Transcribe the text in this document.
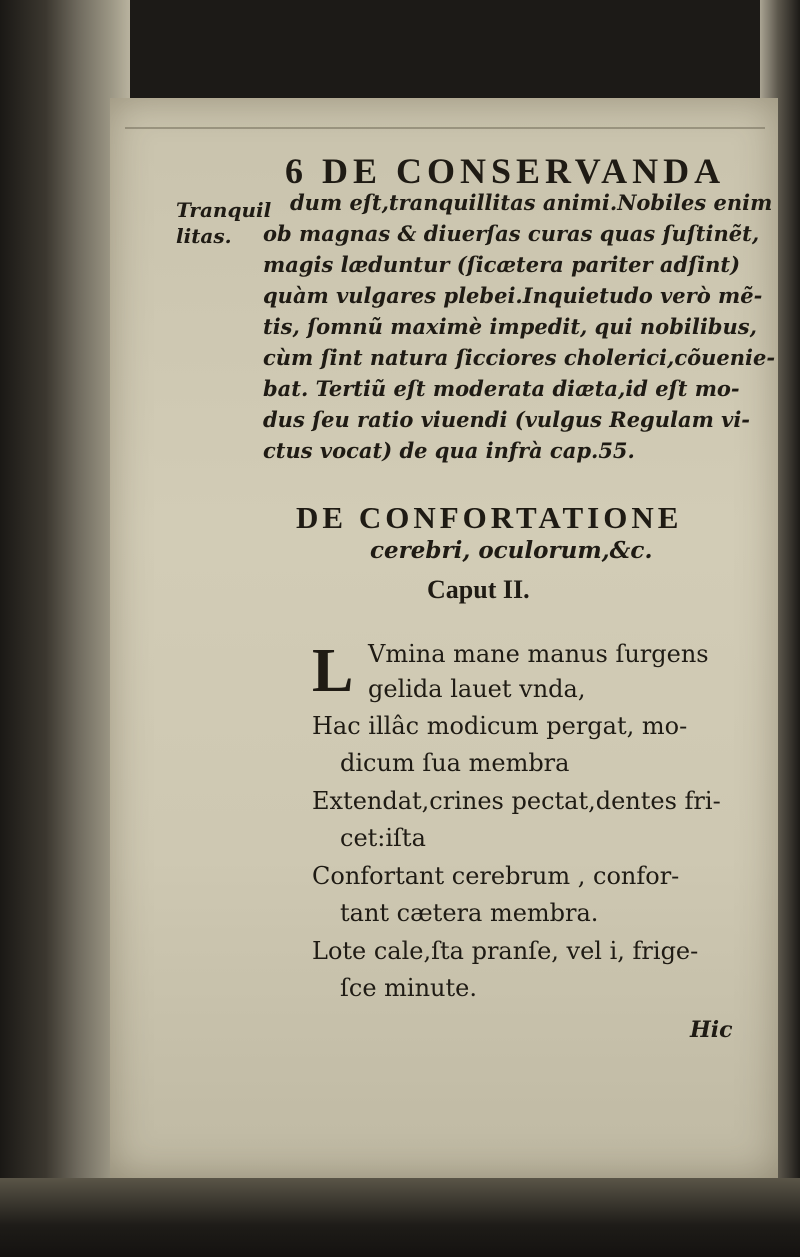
6 DE CONSERVANDA
Tranquil
litas.
dum eſt,tranquillitas animi.Nobiles enim
ob magnas & diuerſas curas quas ſuſtinẽt,
magis læduntur (ſicætera pariter adſint)
quàm vulgares plebei.Inquietudo verò mẽ-
tis, ſomnũ maximè impedit, qui nobilibus,
cùm ſint natura ſicciores cholerici,cõuenie-
bat. Tertiũ eſt moderata diæta,id eſt mo-
dus ſeu ratio viuendi (vulgus Regulam vi-
ctus vocat) de qua infrà cap.55.
DE CONFORTATIONE
cerebri, oculorum,&c.
Caput II.
L Vmina mane manus ſurgens
gelida lauet vnda,
Hac illâc modicum pergat, mo-
dicum ſua membra
Extendat,crines pectat,dentes fri-
cet:iſta
Confortant cerebrum , confor-
tant cætera membra.
Lote cale,ſta pranſe, vel i, frige-
ſce minute.
Hic
